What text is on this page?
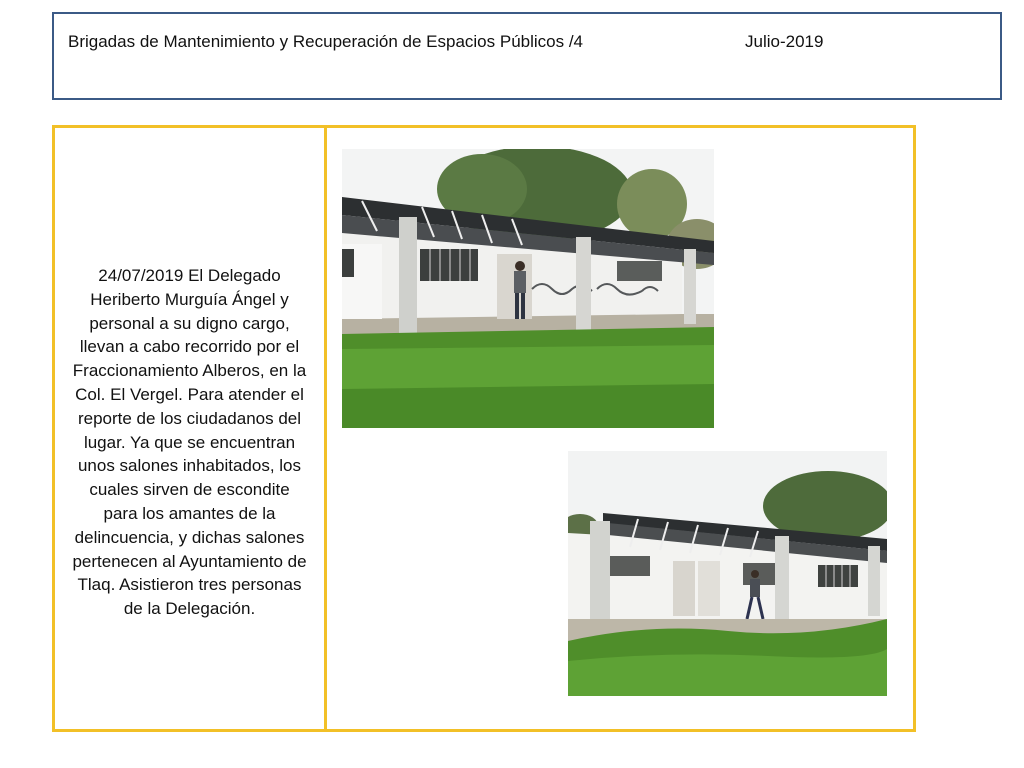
Brigadas de Mantenimiento y Recuperación de Espacios Públicos /4	Julio-2019
24/07/2019 El Delegado Heriberto Murguía Ángel y personal a su digno cargo, llevan a cabo recorrido por el Fraccionamiento Alberos, en la Col. El Vergel. Para atender el reporte de los ciudadanos del lugar. Ya que se encuentran unos salones inhabitados, los cuales sirven de escondite para los amantes de la delincuencia, y dichas salones pertenecen al Ayuntamiento de Tlaq. Asistieron tres personas de la Delegación.
